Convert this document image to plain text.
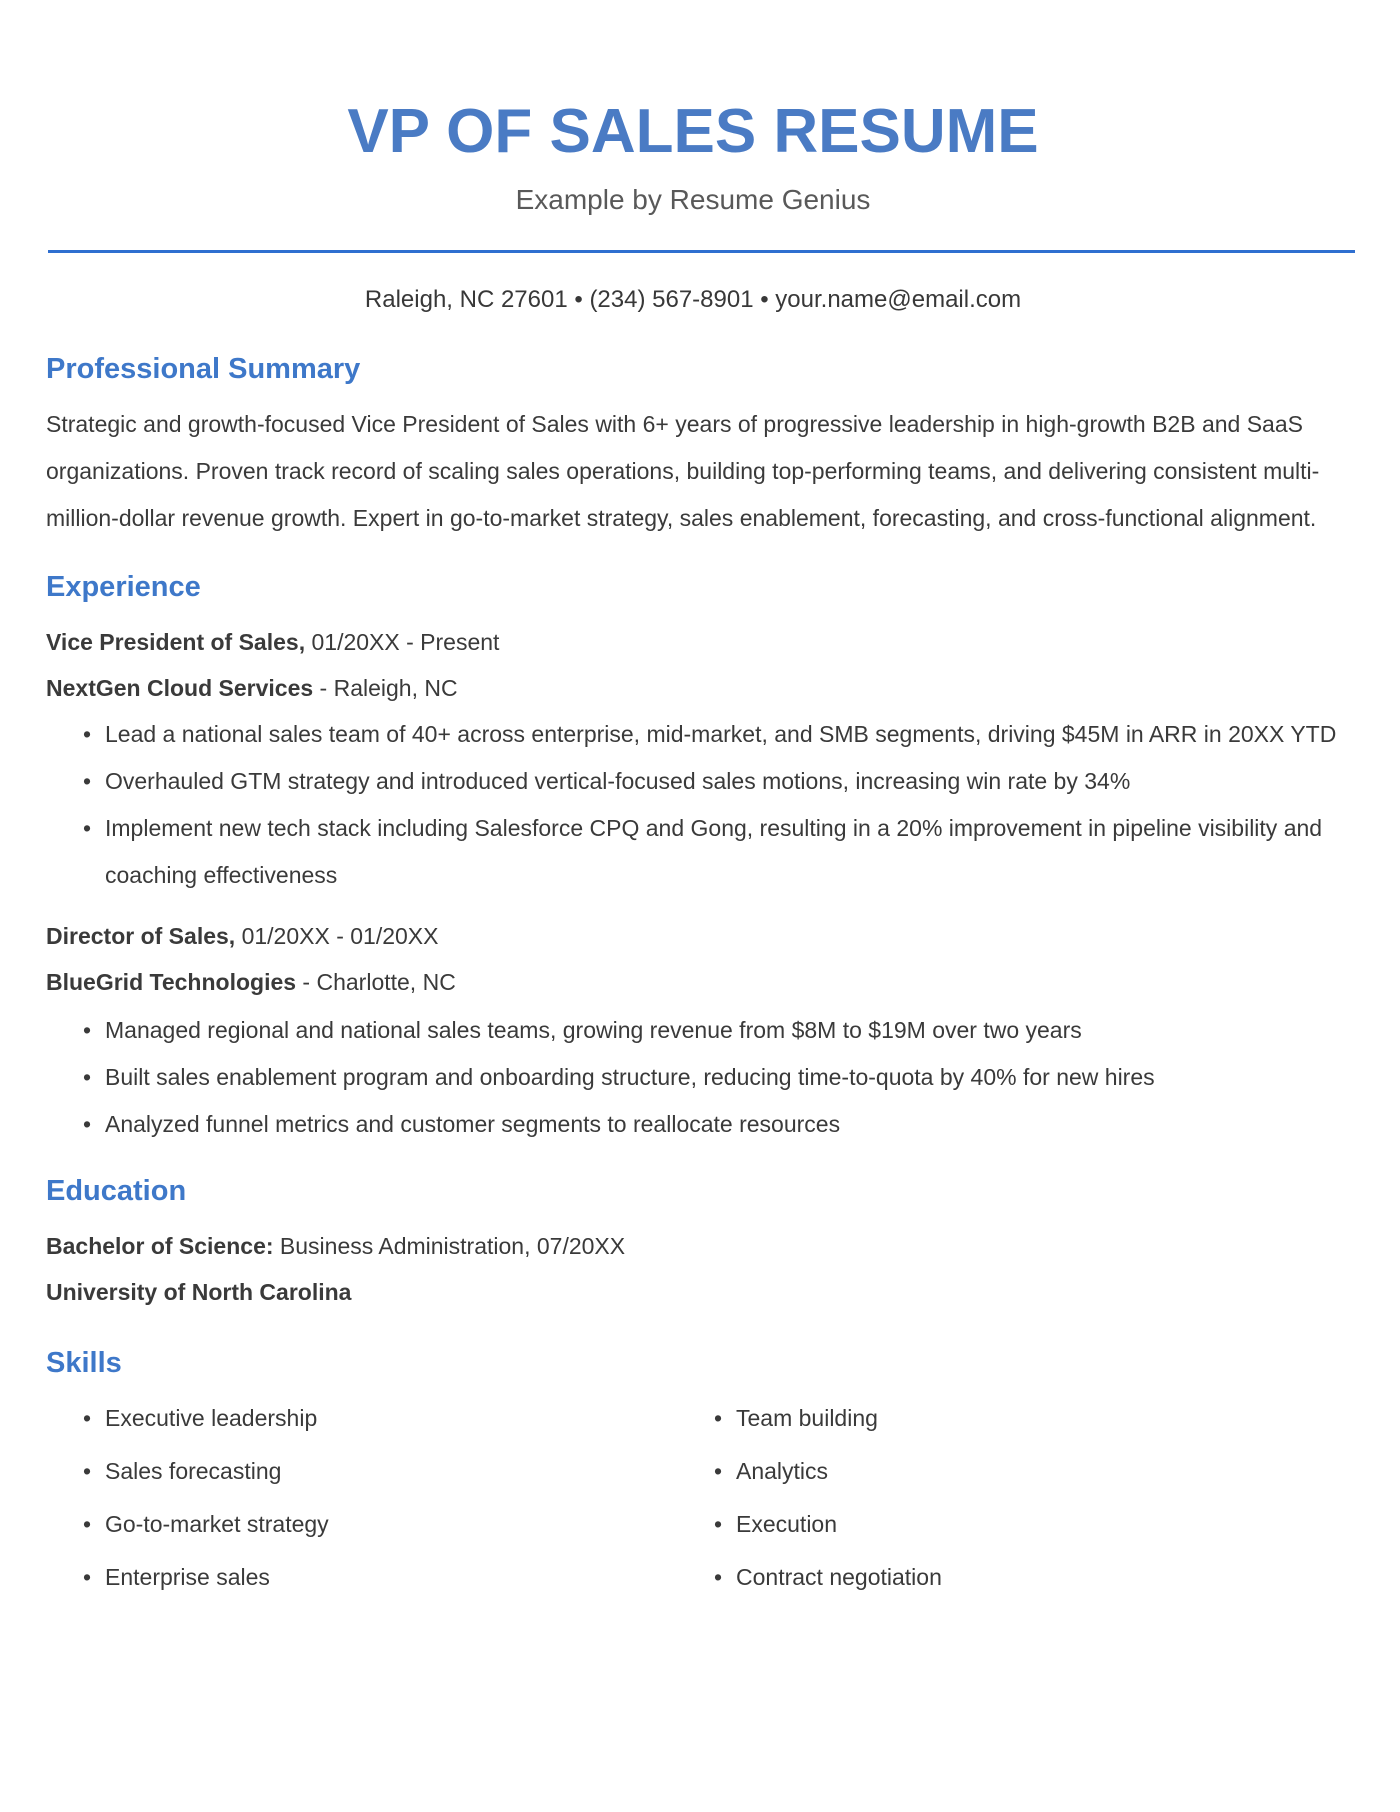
VP OF SALES RESUME
Example by Resume Genius
Raleigh, NC 27601 • (234) 567-8901 • your.name@email.com
Professional Summary

Strategic and growth-focused Vice President of Sales with 6+ years of progressive leadership in high-growth B2B and SaaS organizations. Proven track record of scaling sales operations, building top-performing teams, and delivering consistent multi-million-dollar revenue growth. Expert in go-to-market strategy, sales enablement, forecasting, and cross-functional alignment.

Experience
Vice President of Sales, 01/20XX - Present
NextGen Cloud Services - Raleigh, NC
• Lead a national sales team of 40+ across enterprise, mid-market, and SMB segments, driving $45M in ARR in 20XX YTD
• Overhauled GTM strategy and introduced vertical-focused sales motions, increasing win rate by 34%
• Implement new tech stack including Salesforce CPQ and Gong, resulting in a 20% improvement in pipeline visibility and coaching effectiveness
Director of Sales, 01/20XX - 01/20XX
BlueGrid Technologies - Charlotte, NC
• Managed regional and national sales teams, growing revenue from $8M to $19M over two years
• Built sales enablement program and onboarding structure, reducing time-to-quota by 40% for new hires
• Analyzed funnel metrics and customer segments to reallocate resources
Education
Bachelor of Science: Business Administration, 07/20XX
University of North Carolina
Skills
• Executive leadership
• Sales forecasting
• Go-to-market strategy
• Enterprise sales
• Team building
• Analytics
• Execution
• Contract negotiation
